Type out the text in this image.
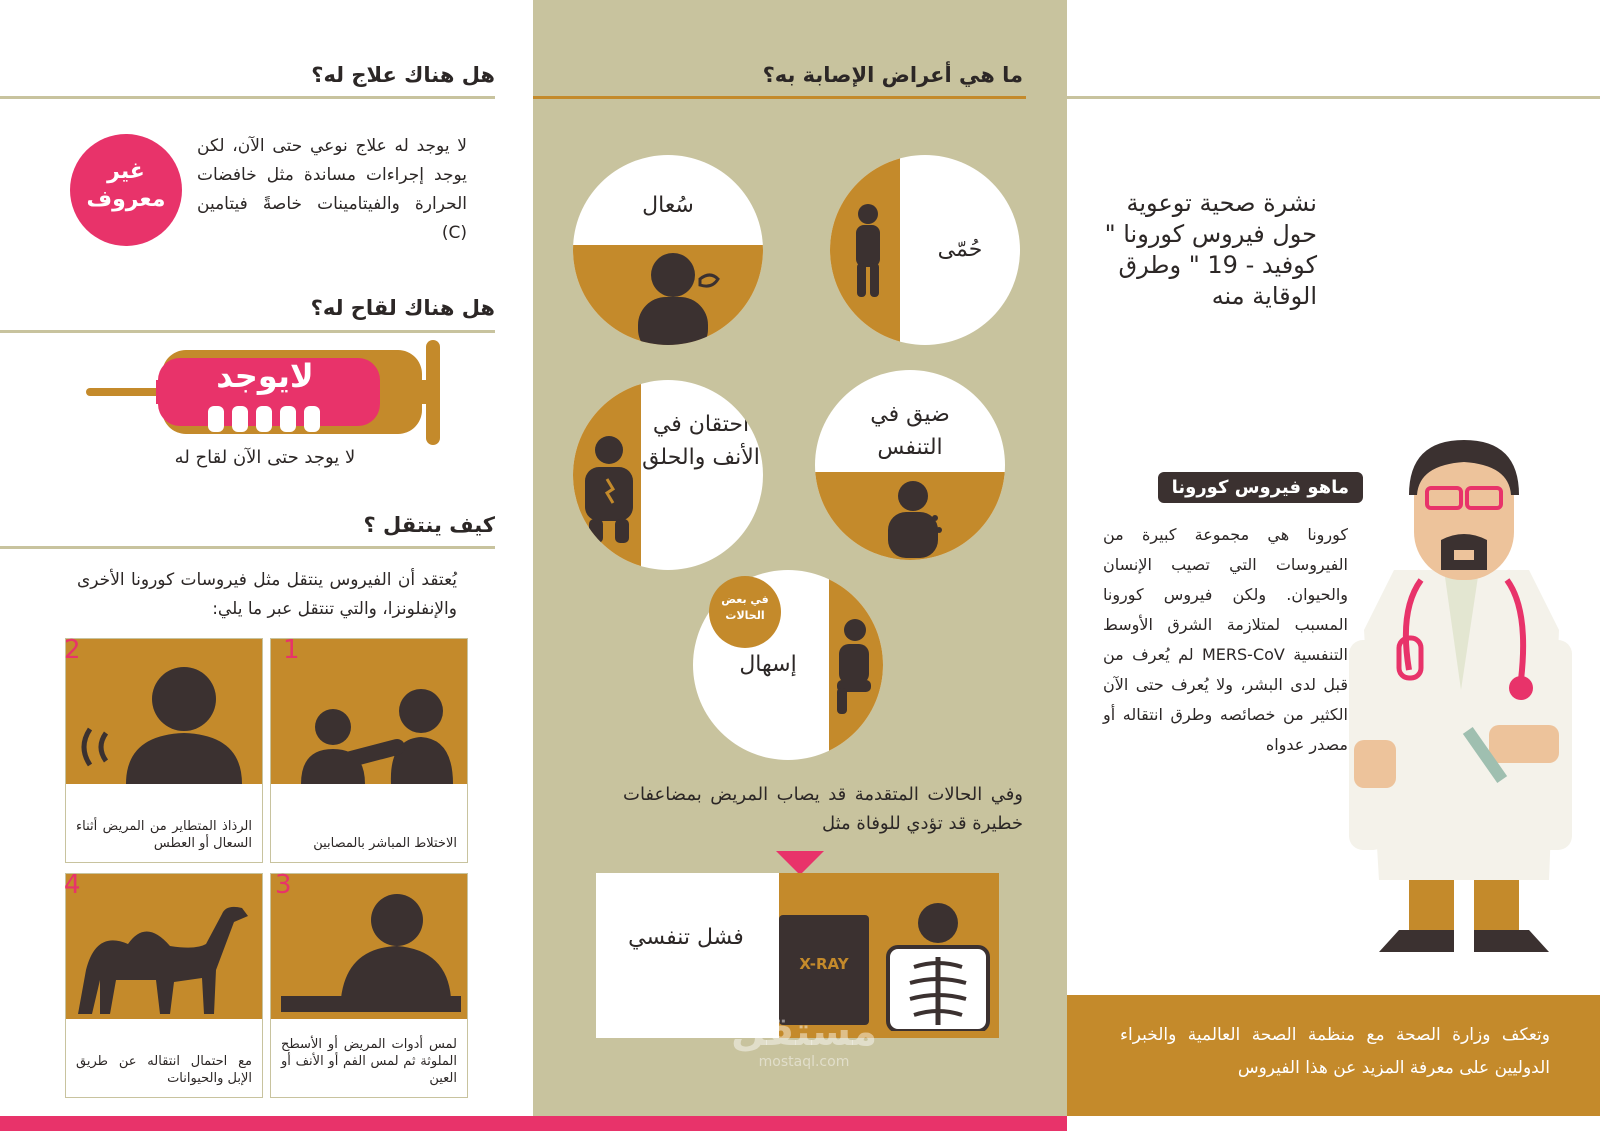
نشرة صحية توعوية حول فيروس كورونا " كوفيد - 19 " وطرق الوقاية منه
ماهو فيروس كورونا
كورونا هي مجموعة كبيرة من الفيروسات التي تصيب الإنسان والحيوان. ولكن فيروس كورونا المسبب لمتلازمة الشرق الأوسط التنفسية MERS-CoV لم يُعرف من قبل لدى البشر، ولا يُعرف حتى الآن الكثير من خصائصه وطرق انتقاله أو مصدر عدواه
وتعكف وزارة الصحة مع منظمة الصحة العالمية والخبراء الدوليين على معرفة المزيد عن هذا الفيروس
ما هي أعراض الإصابة به؟
حُمّى
سُعال
ضيق في التنفس
احتقان في الأنف والحلق
إسهال
في بعض الحالات
وفي الحالات المتقدمة قد يصاب المريض بمضاعفات خطيرة قد تؤدي للوفاة مثل
X-RAY
فشل تنفسي
مستقل
mostaql.com
هل هناك علاج له؟
لا يوجد له علاج نوعي حتى الآن، لكن يوجد إجراءات مساندة مثل خافضات الحرارة والفيتامينات خاصةً فيتامين (C)
غير معروف
هل هناك لقاح له؟
لايوجد
لا يوجد حتى الآن لقاح له
كيف ينتقل ؟
يُعتقد أن الفيروس ينتقل مثل فيروسات كورونا الأخرى والإنفلونزا، والتي تنتقل عبر ما يلي:
1
الاختلاط المباشر بالمصابين
2
الرذاذ المتطاير من المريض أثناء السعال أو العطس
3
لمس أدوات المريض أو الأسطح الملوثة ثم لمس الفم أو الأنف أو العين
4
مع احتمال انتقاله عن طريق الإبل والحيوانات
